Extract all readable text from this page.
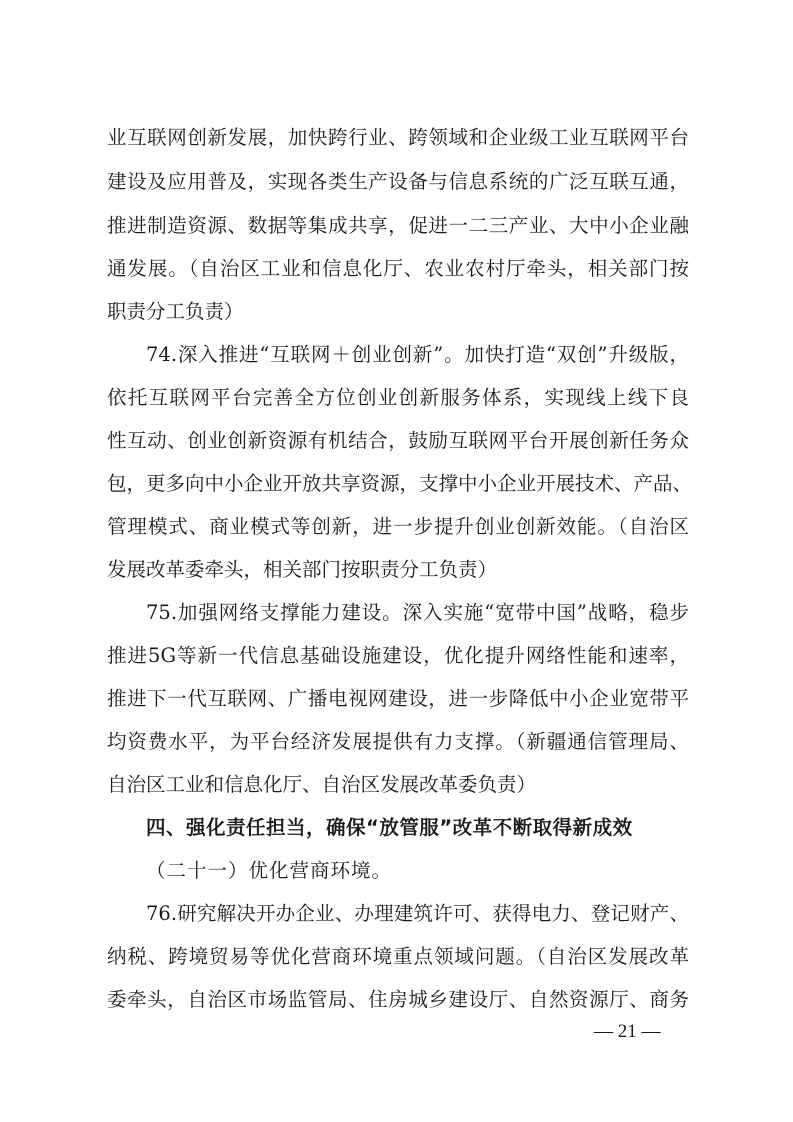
业互联网创新发展，加快跨行业、跨领域和企业级工业互联网平台
建设及应用普及，实现各类生产设备与信息系统的广泛互联互通，
推进制造资源、数据等集成共享，促进一二三产业、大中小企业融
通发展。（自治区工业和信息化厅、农业农村厅牵头，相关部门按
职责分工负责）
74.深入推进“互联网＋创业创新”。加快打造“双创”升级版，
依托互联网平台完善全方位创业创新服务体系，实现线上线下良
性互动、创业创新资源有机结合，鼓励互联网平台开展创新任务众
包，更多向中小企业开放共享资源，支撑中小企业开展技术、产品、
管理模式、商业模式等创新，进一步提升创业创新效能。（自治区
发展改革委牵头，相关部门按职责分工负责）
75.加强网络支撑能力建设。深入实施“宽带中国”战略，稳步
推进5G等新一代信息基础设施建设，优化提升网络性能和速率，
推进下一代互联网、广播电视网建设，进一步降低中小企业宽带平
均资费水平，为平台经济发展提供有力支撑。（新疆通信管理局、
自治区工业和信息化厅、自治区发展改革委负责）
四、强化责任担当，确保“放管服”改革不断取得新成效
（二十一）优化营商环境。
76.研究解决开办企业、办理建筑许可、获得电力、登记财产、
纳税、跨境贸易等优化营商环境重点领域问题。（自治区发展改革
委牵头，自治区市场监管局、住房城乡建设厅、自然资源厅、商务
— 21 —
